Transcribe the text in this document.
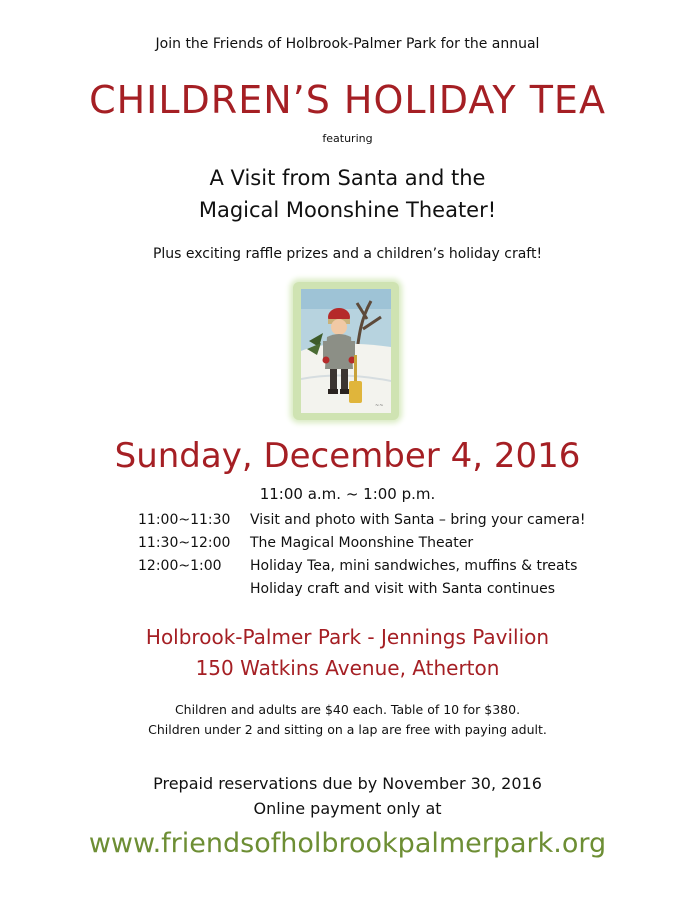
Join the Friends of Holbrook-Palmer Park for the annual
CHILDREN’S HOLIDAY TEA
featuring
A Visit from Santa and the
Magical Moonshine Theater!
Plus exciting raffle prizes and a children’s holiday craft!
~~
Sunday, December 4, 2016
11:00 a.m. ~ 1:00 p.m.
11:00~11:30	Visit and photo with Santa – bring your camera!
11:30~12:00	The Magical Moonshine Theater
12:00~1:00	Holiday Tea, mini sandwiches, muffins & treats
Holiday craft and visit with Santa continues
Holbrook-Palmer Park - Jennings Pavilion
150 Watkins Avenue, Atherton
Children and adults are $40 each. Table of 10 for $380.
Children under 2 and sitting on a lap are free with paying adult.
Prepaid reservations due by November 30, 2016
Online payment only at
www.friendsofholbrookpalmerpark.org
